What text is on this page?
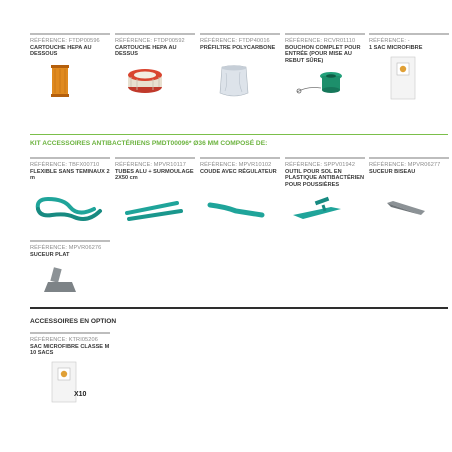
RÉFÉRENCE: FTDP00596
CARTOUCHE HEPA AU DESSOUS
RÉFÉRENCE: FTDP00592
CARTOUCHE HEPA AU DESSUS
RÉFÉRENCE: FTDP40016
PRÉFILTRE POLYCARBONE
RÉFÉRENCE: RCVR01110
BOUCHON COMPLET POUR ENTRÉE (POUR MISE AU REBUT SÛRE)
RÉFÉRENCE: -
1 SAC MICROFIBRE
KIT ACCESSOIRES ANTIBACTÉRIENS PMDT00096* Ø36 MM COMPOSÉ DE:
RÉFÉRENCE: TBFX00710
FLEXIBLE SANS TEMINAUX 2 m
RÉFÉRENCE: MPVR10117
TUBES ALU + SURMOULAGE 2X50 cm
RÉFÉRENCE: MPVR10102
COUDE AVEC RÉGULATEUR
RÉFÉRENCE: SPPV01942
OUTIL POUR SOL EN PLASTIQUE ANTIBACTÉRIEN POUR POUSSIÈRES
RÉFÉRENCE: MPVR06277
SUCEUR BISEAU
RÉFÉRENCE: MPVR06276
SUCEUR PLAT
ACCESSOIRES EN OPTION
RÉFÉRENCE: KTRI05206
SAC MICROFIBRE CLASSE M 10 SACS
X10
